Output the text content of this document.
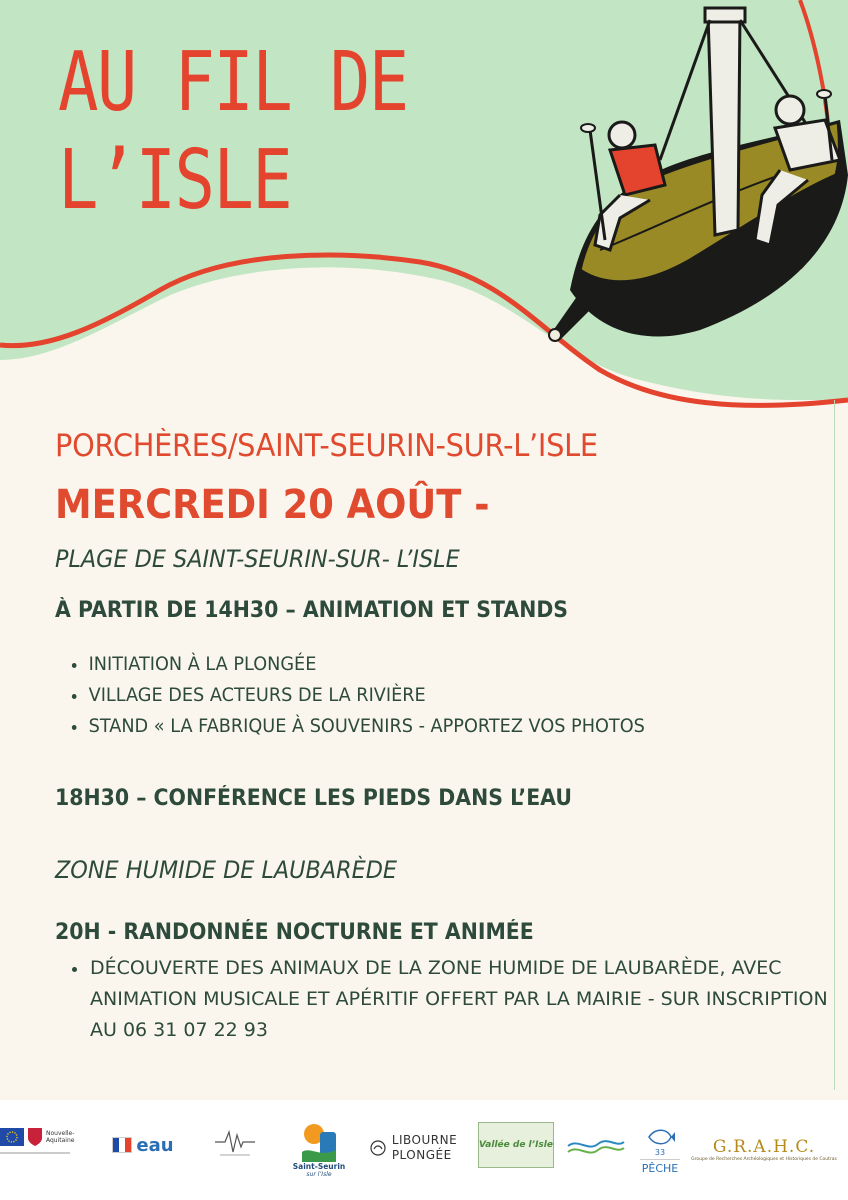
AU FIL DE
L’ISLE
PORCHÈRES/SAINT-SEURIN-SUR-L’ISLE
MERCREDI 20 AOÛT -

PLAGE DE SAINT-SEURIN-SUR- L’ISLE

À PARTIR DE 14H30 – ANIMATION ET STANDS
INITIATION À LA PLONGÉE
VILLAGE DES ACTEURS DE LA RIVIÈRE
STAND « LA FABRIQUE À SOUVENIRS - APPORTEZ VOS PHOTOS
18H30 – CONFÉRENCE LES PIEDS DANS L’EAU

ZONE HUMIDE DE LAUBARÈDE

20H - RANDONNÉE NOCTURNE ET ANIMÉE
DÉCOUVERTE DES ANIMAUX DE LA ZONE HUMIDE DE LAUBARÈDE, AVEC ANIMATION MUSICALE ET APÉRITIF OFFERT PAR LA MAIRIE - SUR INSCRIPTION AU 06 31 07 22 93
Nouvelle-Aquitaine	eau
Saint-Seurin
sur l’Isle
LIBOURNE
PLONGÉE
Vallée de l’Isle
33
PÊCHE
G.R.A.H.C.
Groupe de Recherches Archéologiques et Historiques de Coutras
